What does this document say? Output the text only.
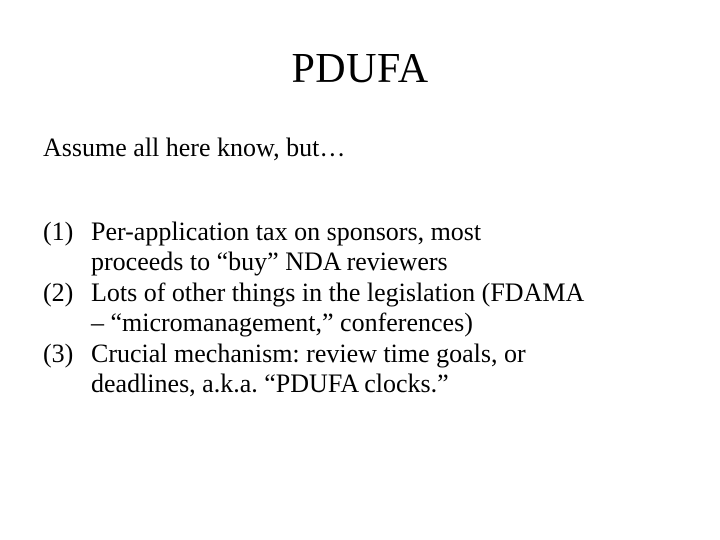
PDUFA

Assume all here know, but…

(1) Per-application tax on sponsors, most
proceeds to “buy” NDA reviewers
(2) Lots of other things in the legislation (FDAMA
– “micromanagement,” conferences)
(3) Crucial mechanism: review time goals, or
deadlines, a.k.a. “PDUFA clocks.”
